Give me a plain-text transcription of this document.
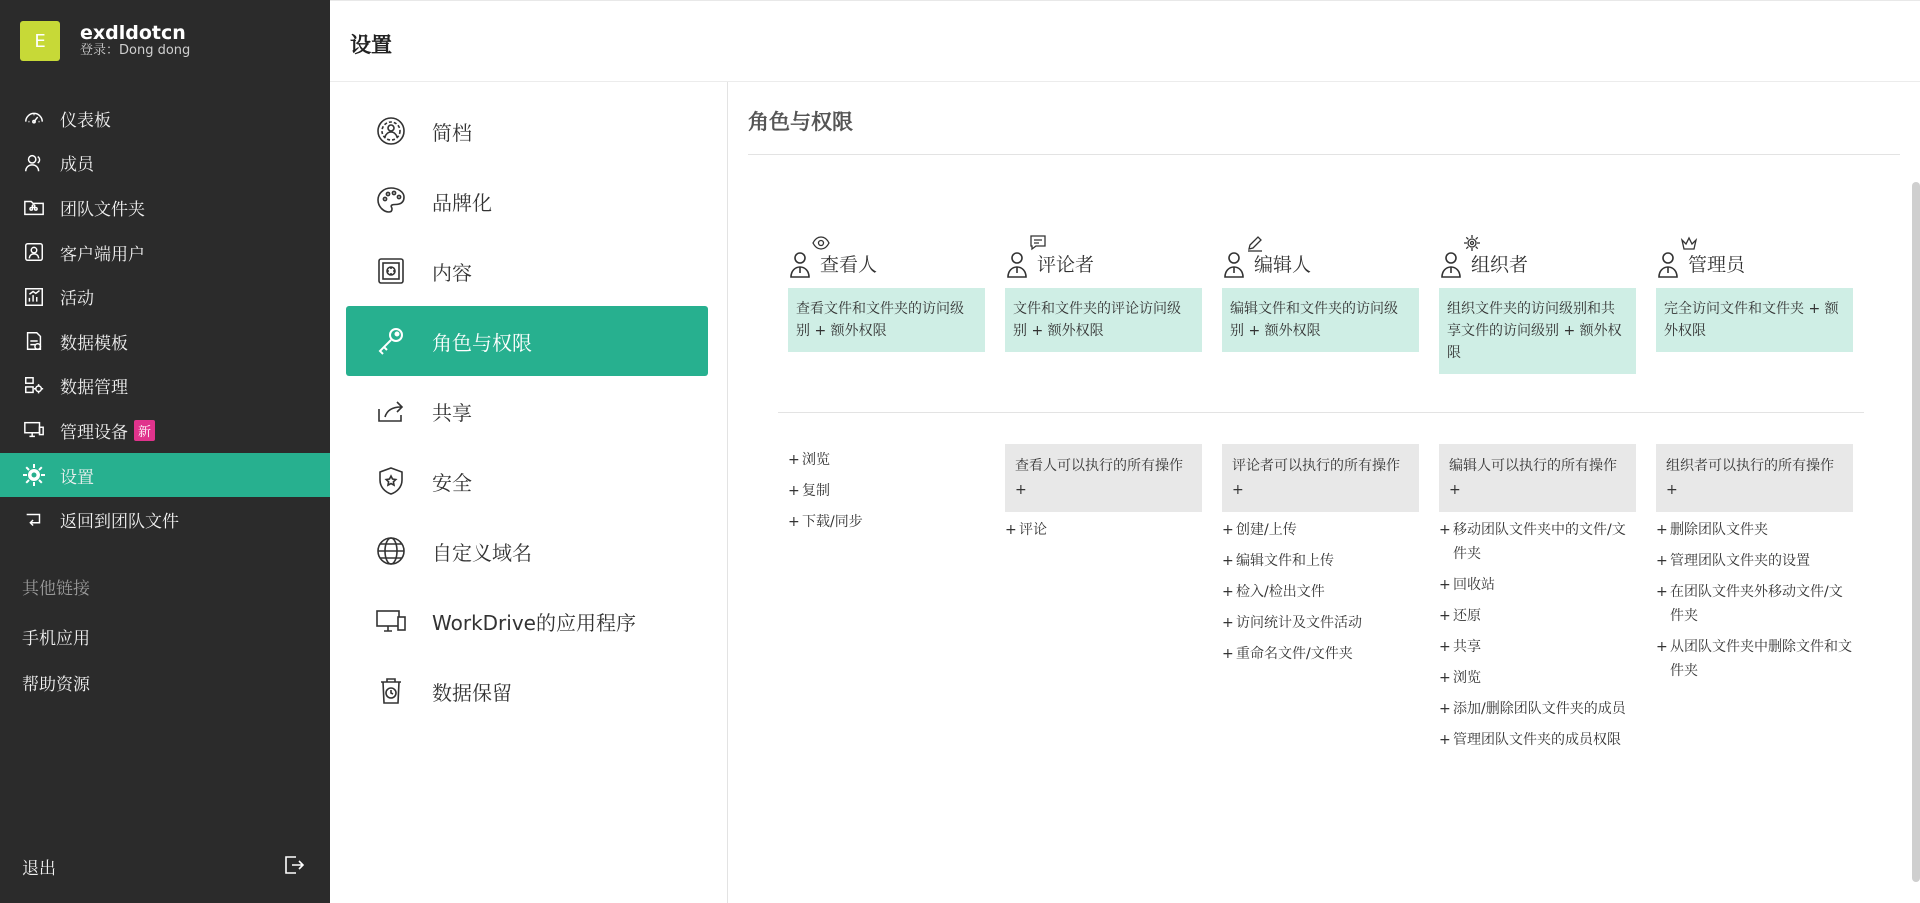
E	exdldotcn
登录：Dong dong
仪表板
成员
团队文件夹
客户端用户
活动
数据模板
数据管理
管理设备 新
设置
返回到团队文件
其他链接
手机应用
帮助资源
退出
设置
简档
品牌化
内容
角色与权限
共享
安全
自定义域名
WorkDrive的应用程序
数据保留
角色与权限
查看人
查看文件和文件夹的访问级别 + 额外权限
评论者
文件和文件夹的评论访问级别 + 额外权限
编辑人
编辑文件和文件夹的访问级别 + 额外权限
组织者
组织文件夹的访问级别和共享文件的访问级别 + 额外权限
管理员
完全访问文件和文件夹 + 额外权限
+ 浏览
+ 复制
+ 下载/同步
查看人可以执行的所有操作 +
+ 评论
评论者可以执行的所有操作 +
+ 创建/上传
+ 编辑文件和上传
+ 检入/检出文件
+ 访问统计及文件活动
+ 重命名文件/文件夹
编辑人可以执行的所有操作 +
+ 移动团队文件夹中的文件/文件夹
+ 回收站
+ 还原
+ 共享
+ 浏览
+ 添加/删除团队文件夹的成员
+ 管理团队文件夹的成员权限
组织者可以执行的所有操作 +
+ 删除团队文件夹
+ 管理团队文件夹的设置
+ 在团队文件夹外移动文件/文件夹
+ 从团队文件夹中删除文件和文件夹
